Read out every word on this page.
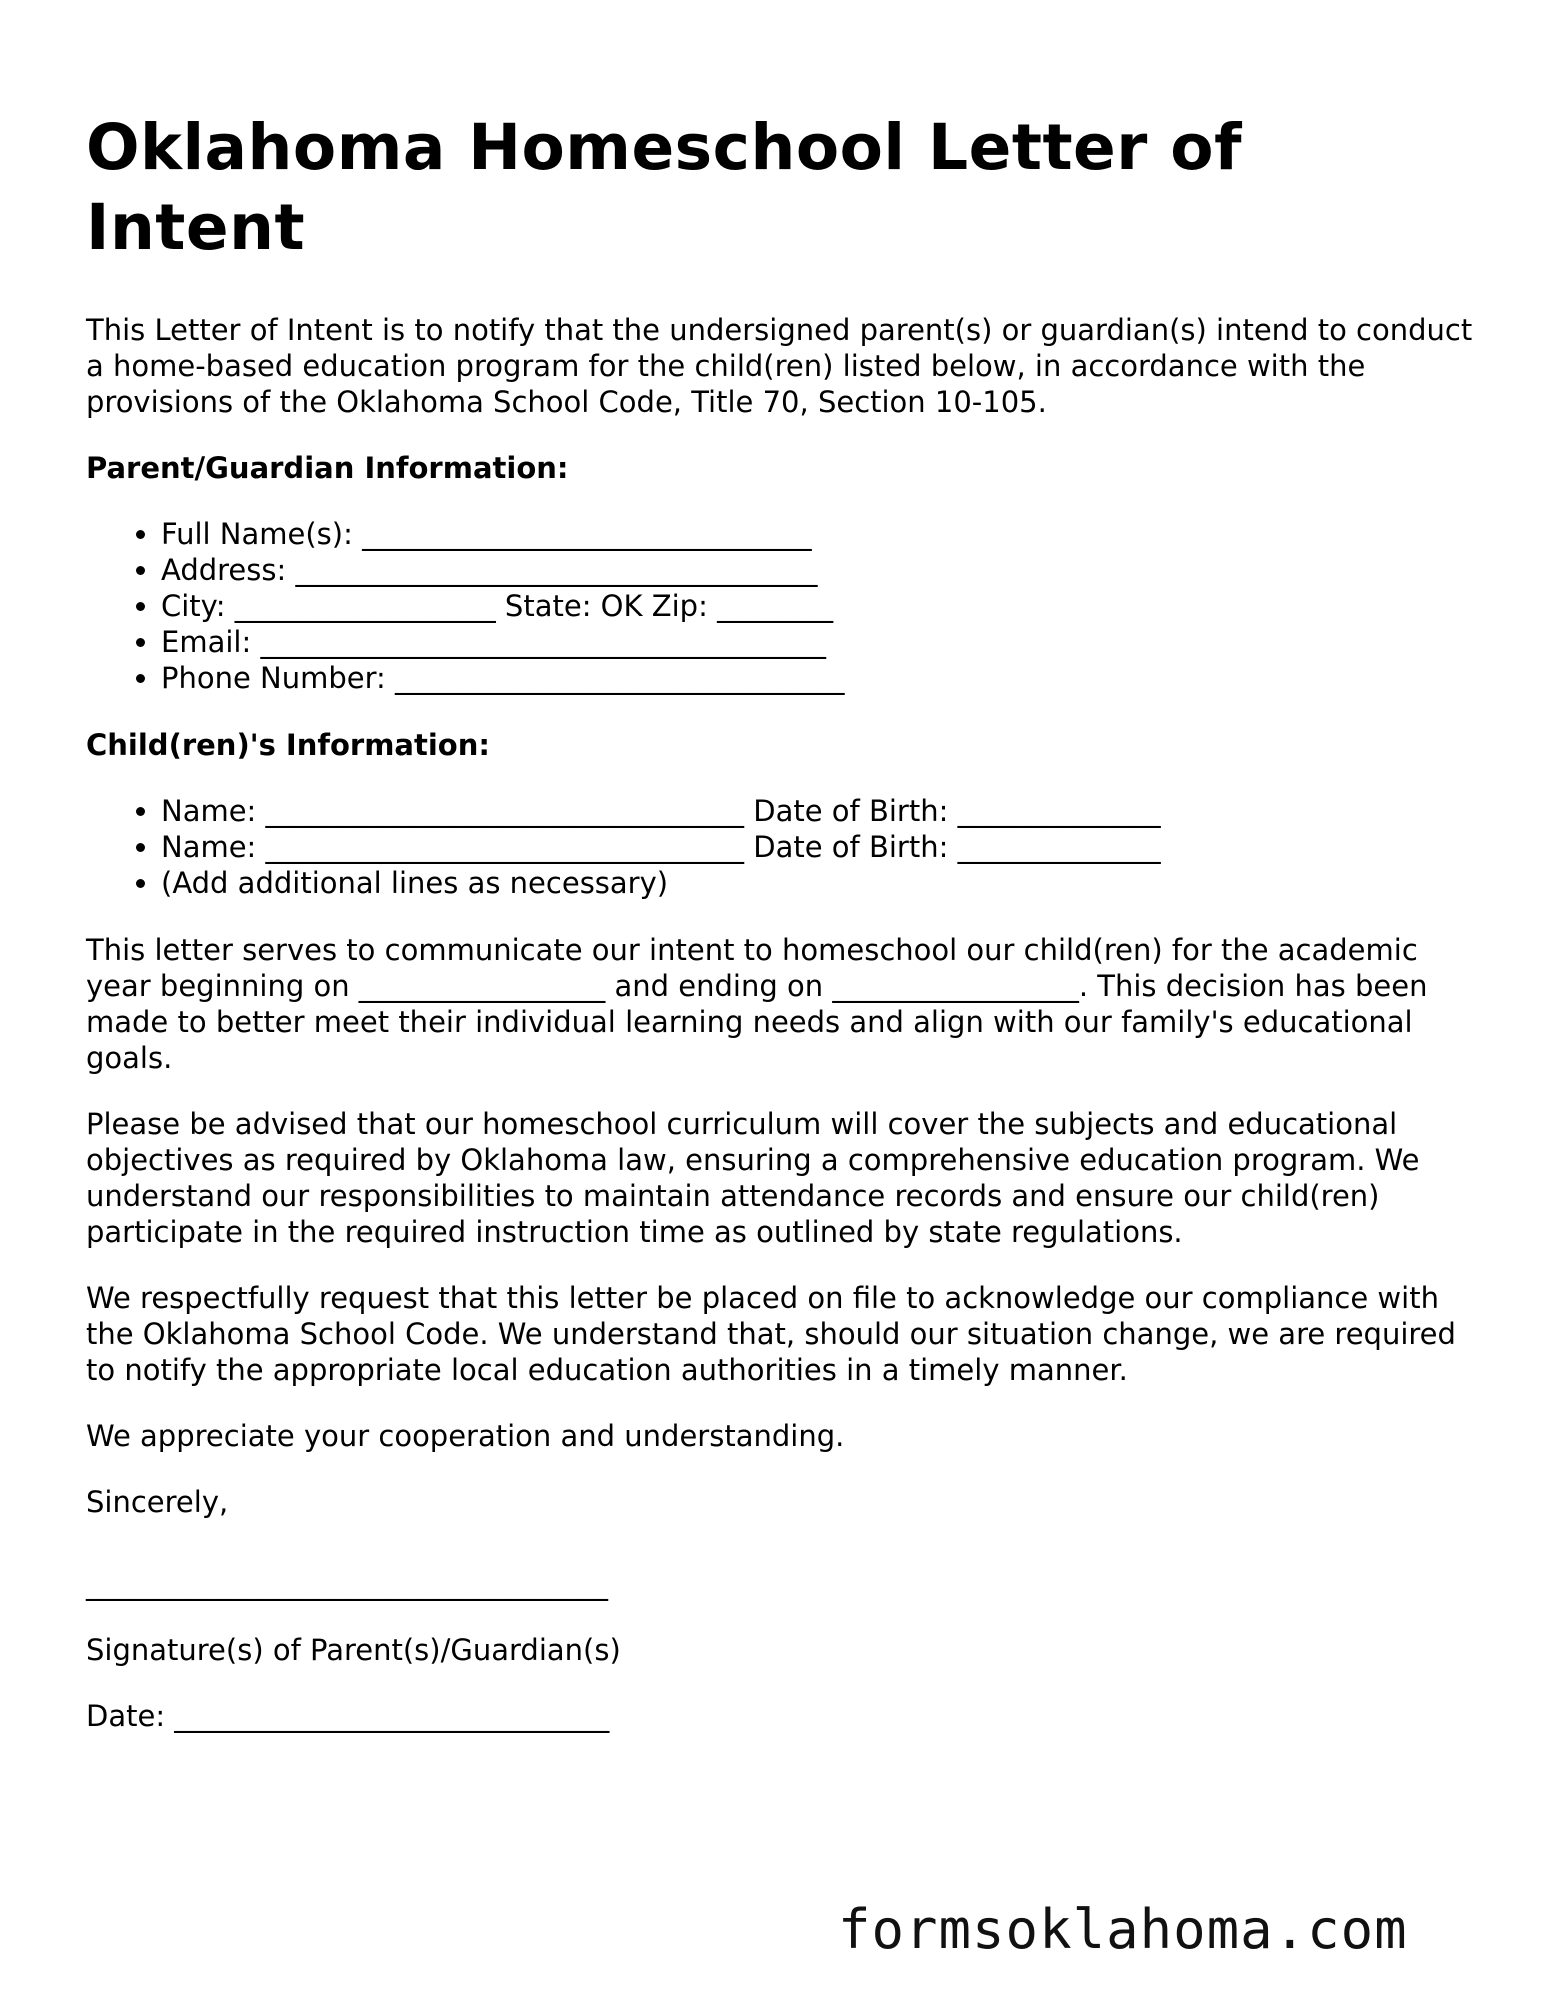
Oklahoma Homeschool Letter of Intent

This Letter of Intent is to notify that the undersigned parent(s) or guardian(s) intend to conduct a home-based education program for the child(ren) listed below, in accordance with the provisions of the Oklahoma School Code, Title 70, Section 10-105.

Parent/Guardian Information:

• Full Name(s): _______________________________
• Address: ____________________________________
• City: __________________ State: OK Zip: ________
• Email: _______________________________________
• Phone Number: _______________________________

Child(ren)'s Information:

• Name: _________________________________ Date of Birth: ______________
• Name: _________________________________ Date of Birth: ______________
• (Add additional lines as necessary)

This letter serves to communicate our intent to homeschool our child(ren) for the academic year beginning on _________________ and ending on _________________. This decision has been made to better meet their individual learning needs and align with our family's educational goals.

Please be advised that our homeschool curriculum will cover the subjects and educational objectives as required by Oklahoma law, ensuring a comprehensive education program. We understand our responsibilities to maintain attendance records and ensure our child(ren) participate in the required instruction time as outlined by state regulations.

We respectfully request that this letter be placed on file to acknowledge our compliance with the Oklahoma School Code. We understand that, should our situation change, we are required to notify the appropriate local education authorities in a timely manner.

We appreciate your cooperation and understanding.

Sincerely,

____________________________________

Signature(s) of Parent(s)/Guardian(s)

Date: ______________________________

formsoklahoma.com
